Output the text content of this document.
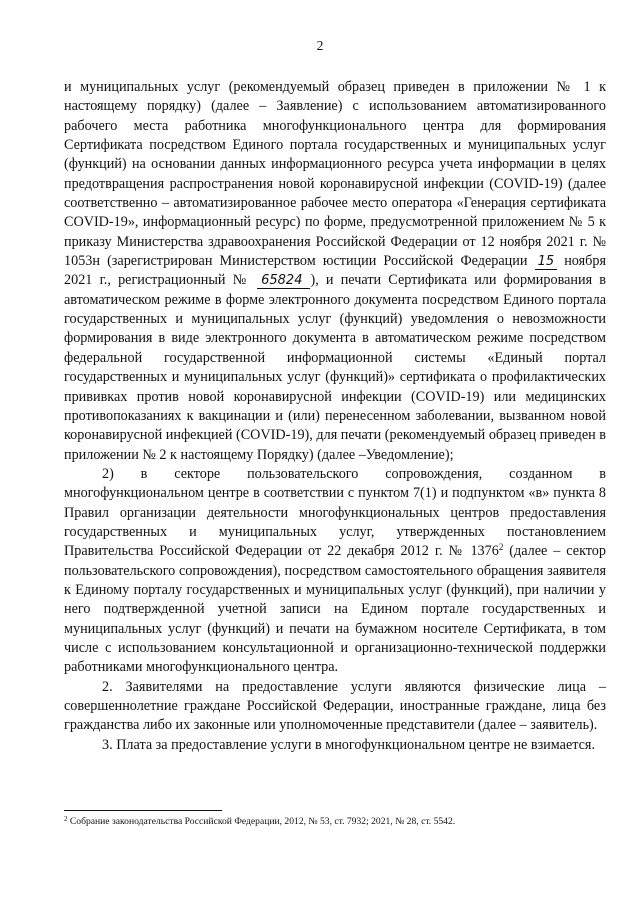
2

и муниципальных услуг (рекомендуемый образец приведен в приложении № 1 к настоящему порядку) (далее – Заявление) с использованием автоматизированного рабочего места работника многофункционального центра для формирования Сертификата посредством Единого портала государственных и муниципальных услуг (функций) на основании данных информационного ресурса учета информации в целях предотвращения распространения новой коронавирусной инфекции (COVID-19) (далее соответственно – автоматизированное рабочее место оператора «Генерация сертификата COVID-19», информационный ресурс) по форме, предусмотренной приложением № 5 к приказу Министерства здравоохранения Российской Федерации от 12 ноября 2021 г. № 1053н (зарегистрирован Министерством юстиции Российской Федерации 15 ноября 2021 г., регистрационный № 65824 ), и печати Сертификата или формирования в автоматическом режиме в форме электронного документа посредством Единого портала государственных и муниципальных услуг (функций) уведомления о невозможности формирования в виде электронного документа в автоматическом режиме посредством федеральной государственной информационной системы «Единый портал государственных и муниципальных услуг (функций)» сертификата о профилактических прививках против новой коронавирусной инфекции (COVID-19) или медицинских противопоказаниях к вакцинации и (или) перенесенном заболевании, вызванном новой коронавирусной инфекцией (COVID-19), для печати (рекомендуемый образец приведен в приложении № 2 к настоящему Порядку) (далее –Уведомление);

2) в секторе пользовательского сопровождения, созданном в многофункциональном центре в соответствии с пунктом 7(1) и подпунктом «в» пункта 8 Правил организации деятельности многофункциональных центров предоставления государственных и муниципальных услуг, утвержденных постановлением Правительства Российской Федерации от 22 декабря 2012 г. № 1376$^2$ (далее – сектор пользовательского сопровождения), посредством самостоятельного обращения заявителя к Единому порталу государственных и муниципальных услуг (функций), при наличии у него подтвержденной учетной записи на Едином портале государственных и муниципальных услуг (функций) и печати на бумажном носителе Сертификата, в том числе с использованием консультационной и организационно-технической поддержки работниками многофункционального центра.

2. Заявителями на предоставление услуги являются физические лица – совершеннолетние граждане Российской Федерации, иностранные граждане, лица без гражданства либо их законные или уполномоченные представители (далее – заявитель).

3. Плата за предоставление услуги в многофункциональном центре не взимается.

$^2$ Собрание законодательства Российской Федерации, 2012, № 53, ст. 7932; 2021, № 28, ст. 5542.
